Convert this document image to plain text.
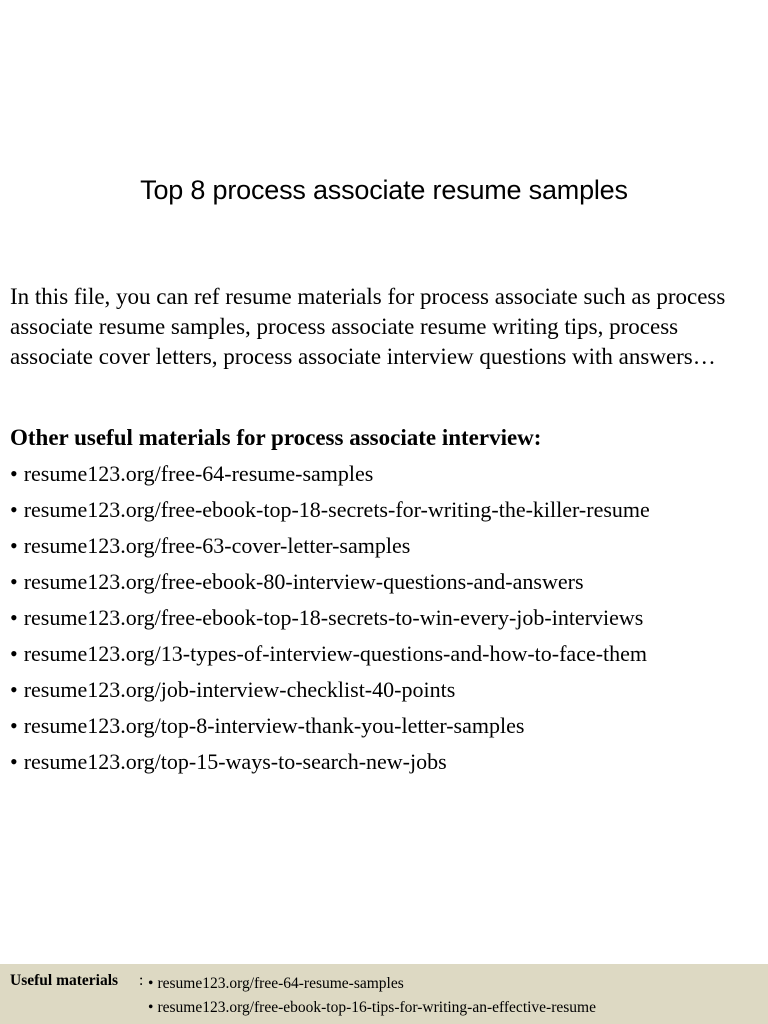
Top 8 process associate resume samples

In this file, you can ref resume materials for process associate such as process associate resume samples, process associate resume writing tips, process associate cover letters, process associate interview questions with answers…

Other useful materials for process associate interview:

• resume123.org/free-64-resume-samples
• resume123.org/free-ebook-top-18-secrets-for-writing-the-killer-resume
• resume123.org/free-63-cover-letter-samples
• resume123.org/free-ebook-80-interview-questions-and-answers
• resume123.org/free-ebook-top-18-secrets-to-win-every-job-interviews
• resume123.org/13-types-of-interview-questions-and-how-to-face-them
• resume123.org/job-interview-checklist-40-points
• resume123.org/top-8-interview-thank-you-letter-samples
• resume123.org/top-15-ways-to-search-new-jobs
Useful materials : • resume123.org/free-64-resume-samples
• resume123.org/free-ebook-top-16-tips-for-writing-an-effective-resume
